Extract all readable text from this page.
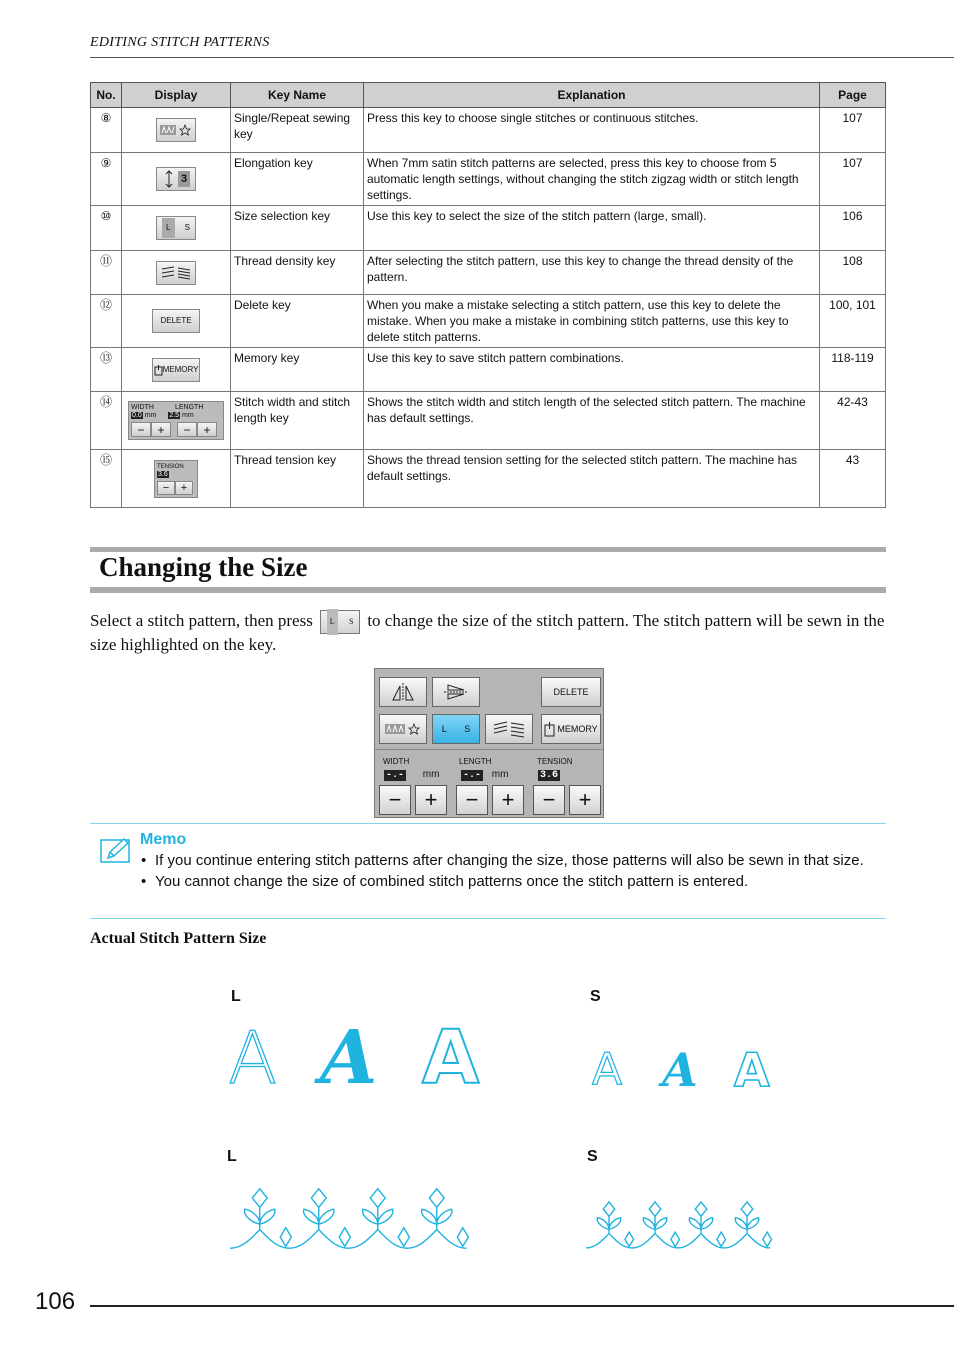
EDITING STITCH PATTERNS
No.	Display	Key Name	Explanation	Page
⑧		Single/Repeat sewing key	Press this key to choose single stitches or continuous stitches.	107
⑨	3	Elongation key	When 7mm satin stitch patterns are selected, press this key to choose from 5 automatic length settings, without changing the stitch zigzag width or stitch length settings.	107
⑩	L S	Size selection key	Use this key to select the size of the stitch pattern (large, small).	106
⑪		Thread density key	After selecting the stitch pattern, use this key to change the thread density of the pattern.	108
⑫	DELETE	Delete key	When you make a mistake selecting a stitch pattern, use this key to delete the mistake. When you make a mistake in combining stitch patterns, use this key to delete stitch patterns.	100, 101
⑬	MEMORY	Memory key	Use this key to save stitch pattern combinations.	118-119
⑭	WIDTH LENGTH
0.0 mm 2.5 mm
− + − +	Stitch width and stitch length key	Shows the stitch width and stitch length of the selected stitch pattern. The machine has default settings.	42-43
⑮	TENSION
3.6
− +	Thread tension key	Shows the thread tension setting for the selected stitch pattern. The machine has default settings.	43
Changing the Size
Select a stitch pattern, then press	L	S to change the size of the stitch pattern. The stitch pattern will be sewn in the size highlighted on the key.
DELETE
L S	MEMORY
WIDTH	LENGTH	TENSION
-.- mm -.- mm	3.6
−	+	−	+	−	+
Memo
• If you continue entering stitch patterns after changing the size, those patterns will also be sewn in that size.
• You cannot change the size of combined stitch patterns once the stitch pattern is entered.
Actual Stitch Pattern Size
L	S
L	S
A A A	A A A
106
